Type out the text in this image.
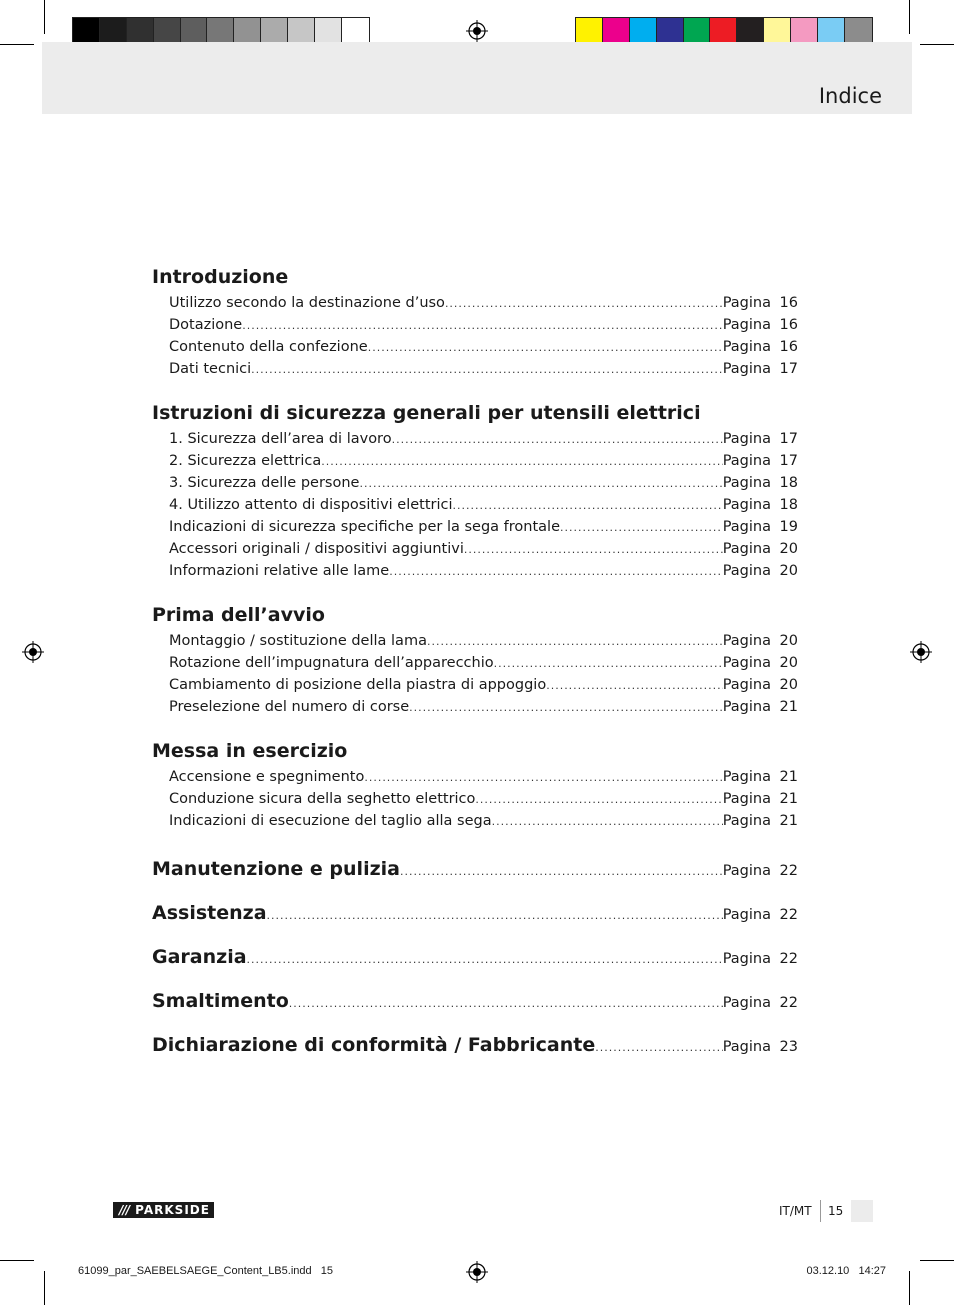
Indice
Introduzione
Utilizzo secondo la destinazione d’uso .....	Pagina 16
Dotazione .....	Pagina 16
Contenuto della confezione .....	Pagina 16
Dati tecnici .....	Pagina 17
Istruzioni di sicurezza generali per utensili elettrici
1. Sicurezza dell’area di lavoro .....	Pagina 17
2. Sicurezza elettrica .....	Pagina 17
3. Sicurezza delle persone .....	Pagina 18
4. Utilizzo attento di dispositivi elettrici .....	Pagina 18
Indicazioni di sicurezza specifiche per la sega frontale .....	Pagina 19
Accessori originali / dispositivi aggiuntivi .....	Pagina 20
Informazioni relative alle lame .....	Pagina 20
Prima dell’avvio
Montaggio / sostituzione della lama .....	Pagina 20
Rotazione dell’impugnatura dell’apparecchio .....	Pagina 20
Cambiamento di posizione della piastra di appoggio .....	Pagina 20
Preselezione del numero di corse .....	Pagina 21
Messa in esercizio
Accensione e spegnimento .....	Pagina 21
Conduzione sicura della seghetto elettrico .....	Pagina 21
Indicazioni di esecuzione del taglio alla sega .....	Pagina 21
Manutenzione e pulizia .....	Pagina 22
Assistenza .....	Pagina 22
Garanzia .....	Pagina 22
Smaltimento .....	Pagina 22
Dichiarazione di conformità / Fabbricante .....	Pagina 23
/// PARKSIDE	IT/MT 15
61099_par_SAEBELSAEGE_Content_LB5.indd   15	03.12.10   14:27
